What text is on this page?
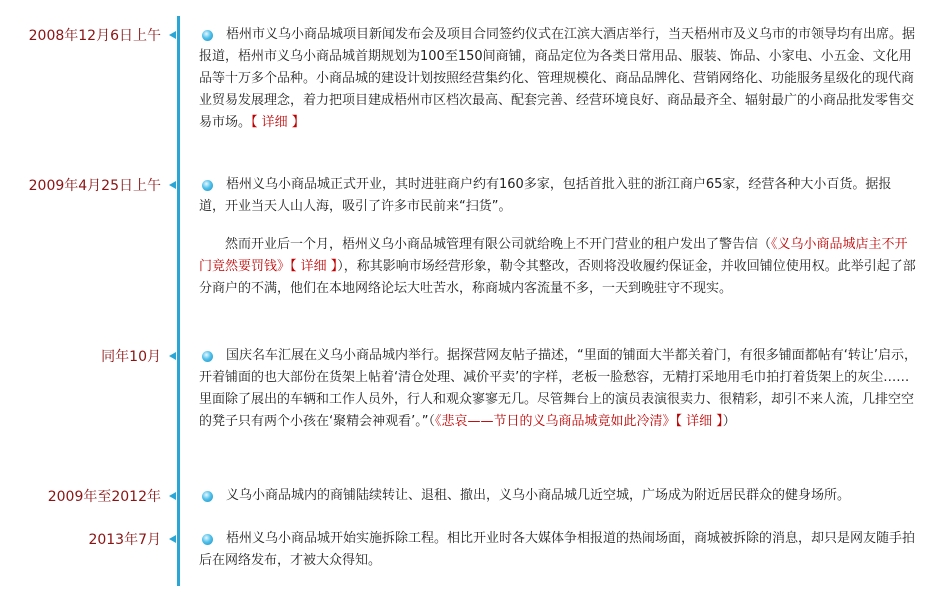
2008年12月6日上午	梧州市义乌小商品城项目新闻发布会及项目合同签约仪式在江滨大酒店举行，当天梧州市及义乌市的市领导均有出席。据报道，梧州市义乌小商品城首期规划为100至150间商铺，商品定位为各类日常用品、服装、饰品、小家电、小五金、文化用品等十万多个品种。小商品城的建设计划按照经营集约化、管理规模化、商品品牌化、营销网络化、功能服务星级化的现代商业贸易发展理念，着力把项目建成梧州市区档次最高、配套完善、经营环境良好、商品最齐全、辐射最广的小商品批发零售交易市场。【 详细 】

2009年4月25日上午	梧州义乌小商品城正式开业，其时进驻商户约有160多家，包括首批入驻的浙江商户65家，经营各种大小百货。据报道，开业当天人山人海，吸引了许多市民前来“扫货”。

然而开业后一个月，梧州义乌小商品城管理有限公司就给晚上不开门营业的租户发出了警告信（《义乌小商品城店主不开门竟然要罚钱》【 详细 】），称其影响市场经营形象，勒令其整改，否则将没收履约保证金，并收回铺位使用权。此举引起了部分商户的不满，他们在本地网络论坛大吐苦水，称商城内客流量不多，一天到晚驻守不现实。

同年10月	国庆名车汇展在义乌小商品城内举行。据探营网友帖子描述，“里面的铺面大半都关着门，有很多铺面都帖有‘转让’启示，开着铺面的也大部份在货架上帖着‘清仓处理、减价平卖’的字样，老板一脸愁容，无精打采地用毛巾拍打着货架上的灰尘…… 里面除了展出的车辆和工作人员外，行人和观众寥寥无几。尽管舞台上的演员表演很卖力、很精彩，却引不来人流，几排空空的凳子只有两个小孩在‘聚精会神观看’。”（《悲哀——节日的义乌商品城竟如此冷清》【 详细 】）

2009年至2012年	义乌小商品城内的商铺陆续转让、退租、撤出，义乌小商品城几近空城，广场成为附近居民群众的健身场所。

2013年7月	梧州义乌小商品城开始实施拆除工程。相比开业时各大媒体争相报道的热闹场面，商城被拆除的消息，却只是网友随手拍后在网络发布，才被大众得知。
